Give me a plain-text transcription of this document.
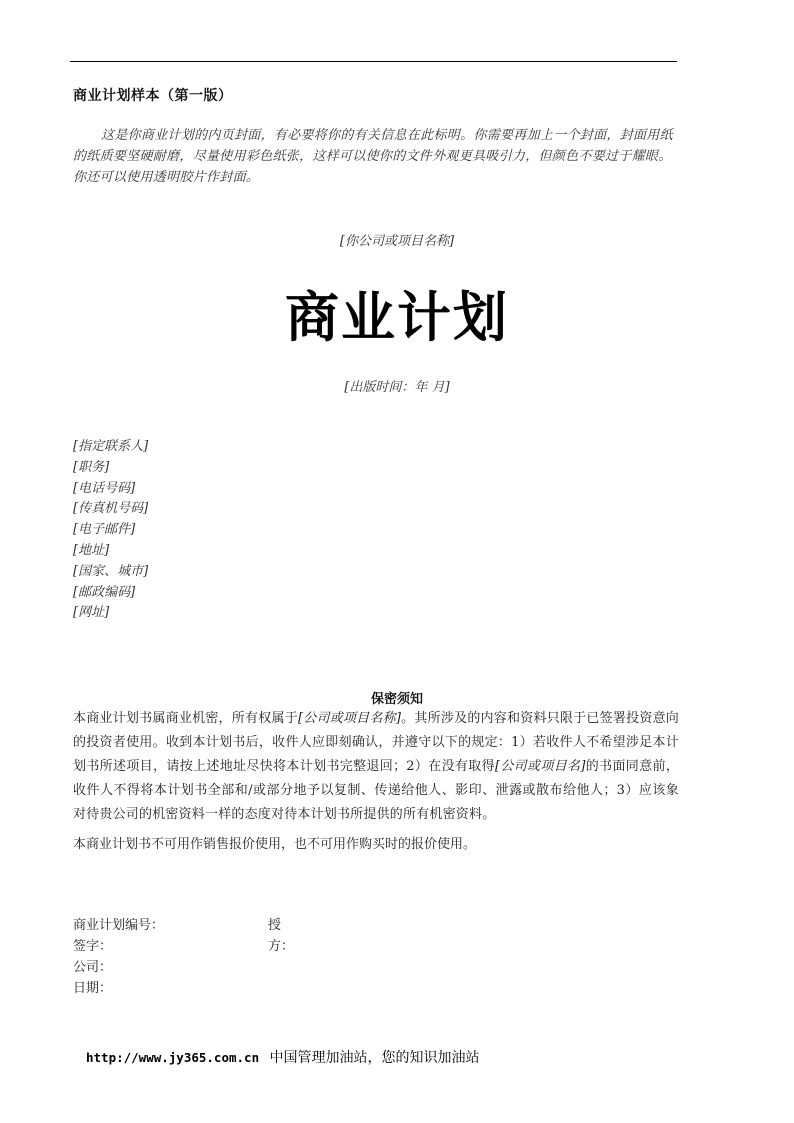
商业计划样本（第一版）
这是你商业计划的内页封面，有必要将你的有关信息在此标明。你需要再加上一个封面，封面用纸的纸质要坚硬耐磨，尽量使用彩色纸张，这样可以使你的文件外观更具吸引力，但颜色不要过于耀眼。你还可以使用透明胶片作封面。
[你公司或项目名称]
商业计划
[出版时间：年 月]
[指定联系人]
[职务]
[电话号码]
[传真机号码]
[电子邮件]
[地址]
[国家、城市]
[邮政编码]
[网址]
保密须知
本商业计划书属商业机密，所有权属于[公司或项目名称]。其所涉及的内容和资料只限于已签署投资意向的投资者使用。收到本计划书后，收件人应即刻确认，并遵守以下的规定：1）若收件人不希望涉足本计划书所述项目，请按上述地址尽快将本计划书完整退回；2）在没有取得[公司或项目名]的书面同意前，收件人不得将本计划书全部和/或部分地予以复制、传递给他人、影印、泄露或散布给他人；3）应该象对待贵公司的机密资料一样的态度对待本计划书所提供的所有机密资料。
本商业计划书不可用作销售报价使用，也不可用作购买时的报价使用。
商业计划编号：	授方：
签字：
公司：
日期：
http://www.jy365.com.cn 中国管理加油站，您的知识加油站
